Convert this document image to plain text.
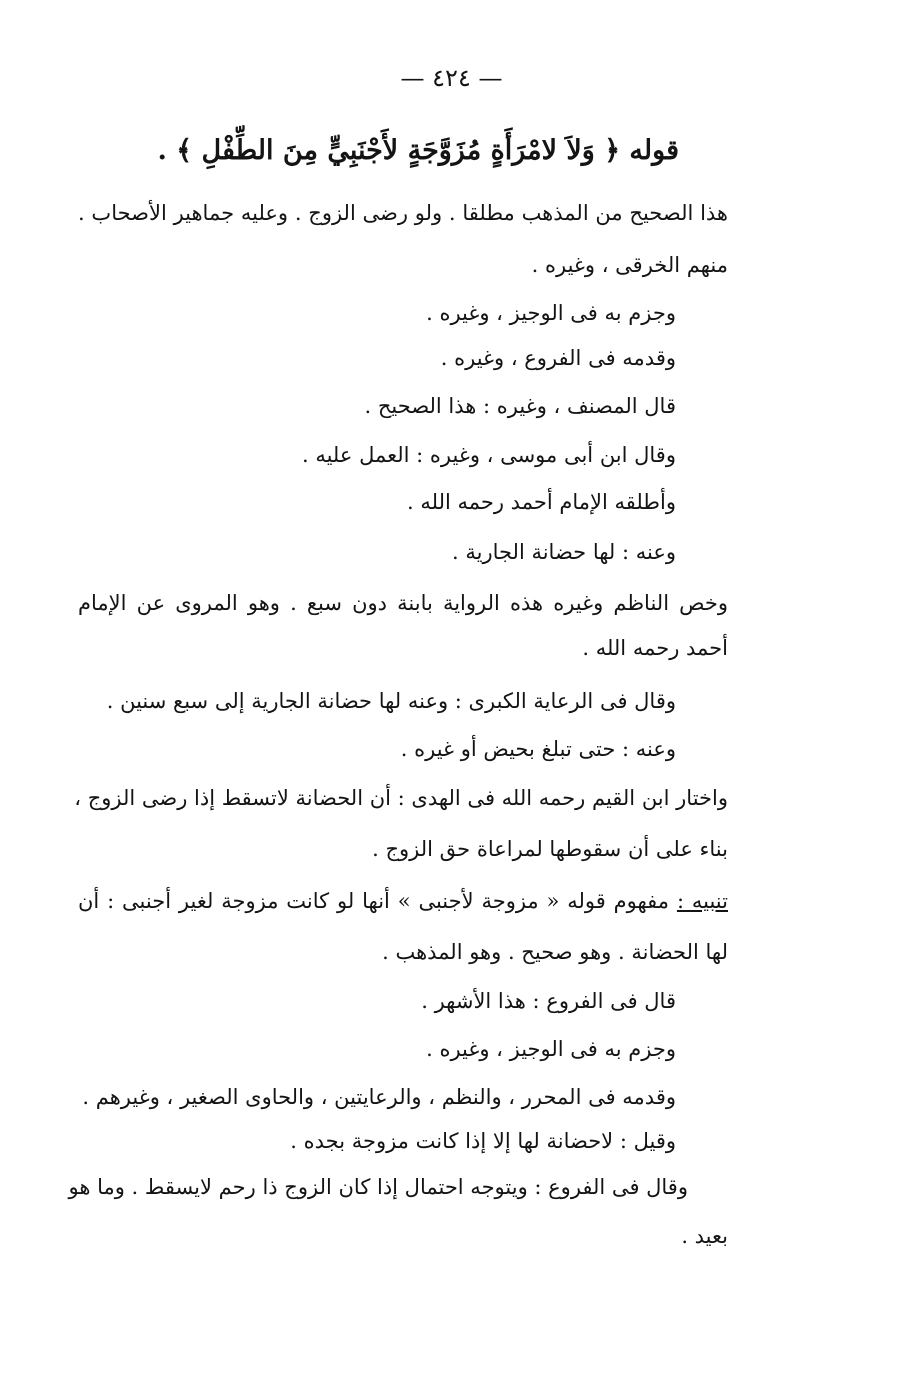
— ٤٢٤ —
قوله ﴿ وَلاَ لامْرَأَةٍ مُزَوَّجَةٍ لأَجْنَبِيٍّ مِنَ الطِّفْلِ ﴾ .
هذا الصحيح من المذهب مطلقا . ولو رضى الزوج . وعليه جماهير الأصحاب .
منهم الخرقى ، وغيره .
وجزم به فى الوجيز ، وغيره .
وقدمه فى الفروع ، وغيره .
قال المصنف ، وغيره : هذا الصحيح .
وقال ابن أبى موسى ، وغيره : العمل عليه .
وأطلقه الإمام أحمد رحمه الله .
وعنه : لها حضانة الجارية .
وخص الناظم وغيره هذه الرواية بابنة دون سبع . وهو المروى عن الإمام
أحمد رحمه الله .
وقال فى الرعاية الكبرى : وعنه لها حضانة الجارية إلى سبع سنين .
وعنه : حتى تبلغ بحيض أو غيره .
واختار ابن القيم رحمه الله فى الهدى : أن الحضانة لاتسقط إذا رضى الزوج ،
بناء على أن سقوطها لمراعاة حق الزوج .
تنبيه : مفهوم قوله « مزوجة لأجنبى » أنها لو كانت مزوجة لغير أجنبى : أن
لها الحضانة . وهو صحيح . وهو المذهب .
قال فى الفروع : هذا الأشهر .
وجزم به فى الوجيز ، وغيره .
وقدمه فى المحرر ، والنظم ، والرعايتين ، والحاوى الصغير ، وغيرهم .
وقيل : لاحضانة لها إلا إذا كانت مزوجة بجده .
وقال فى الفروع : ويتوجه احتمال إذا كان الزوج ذا رحم لايسقط . وما هو
بعيد .
